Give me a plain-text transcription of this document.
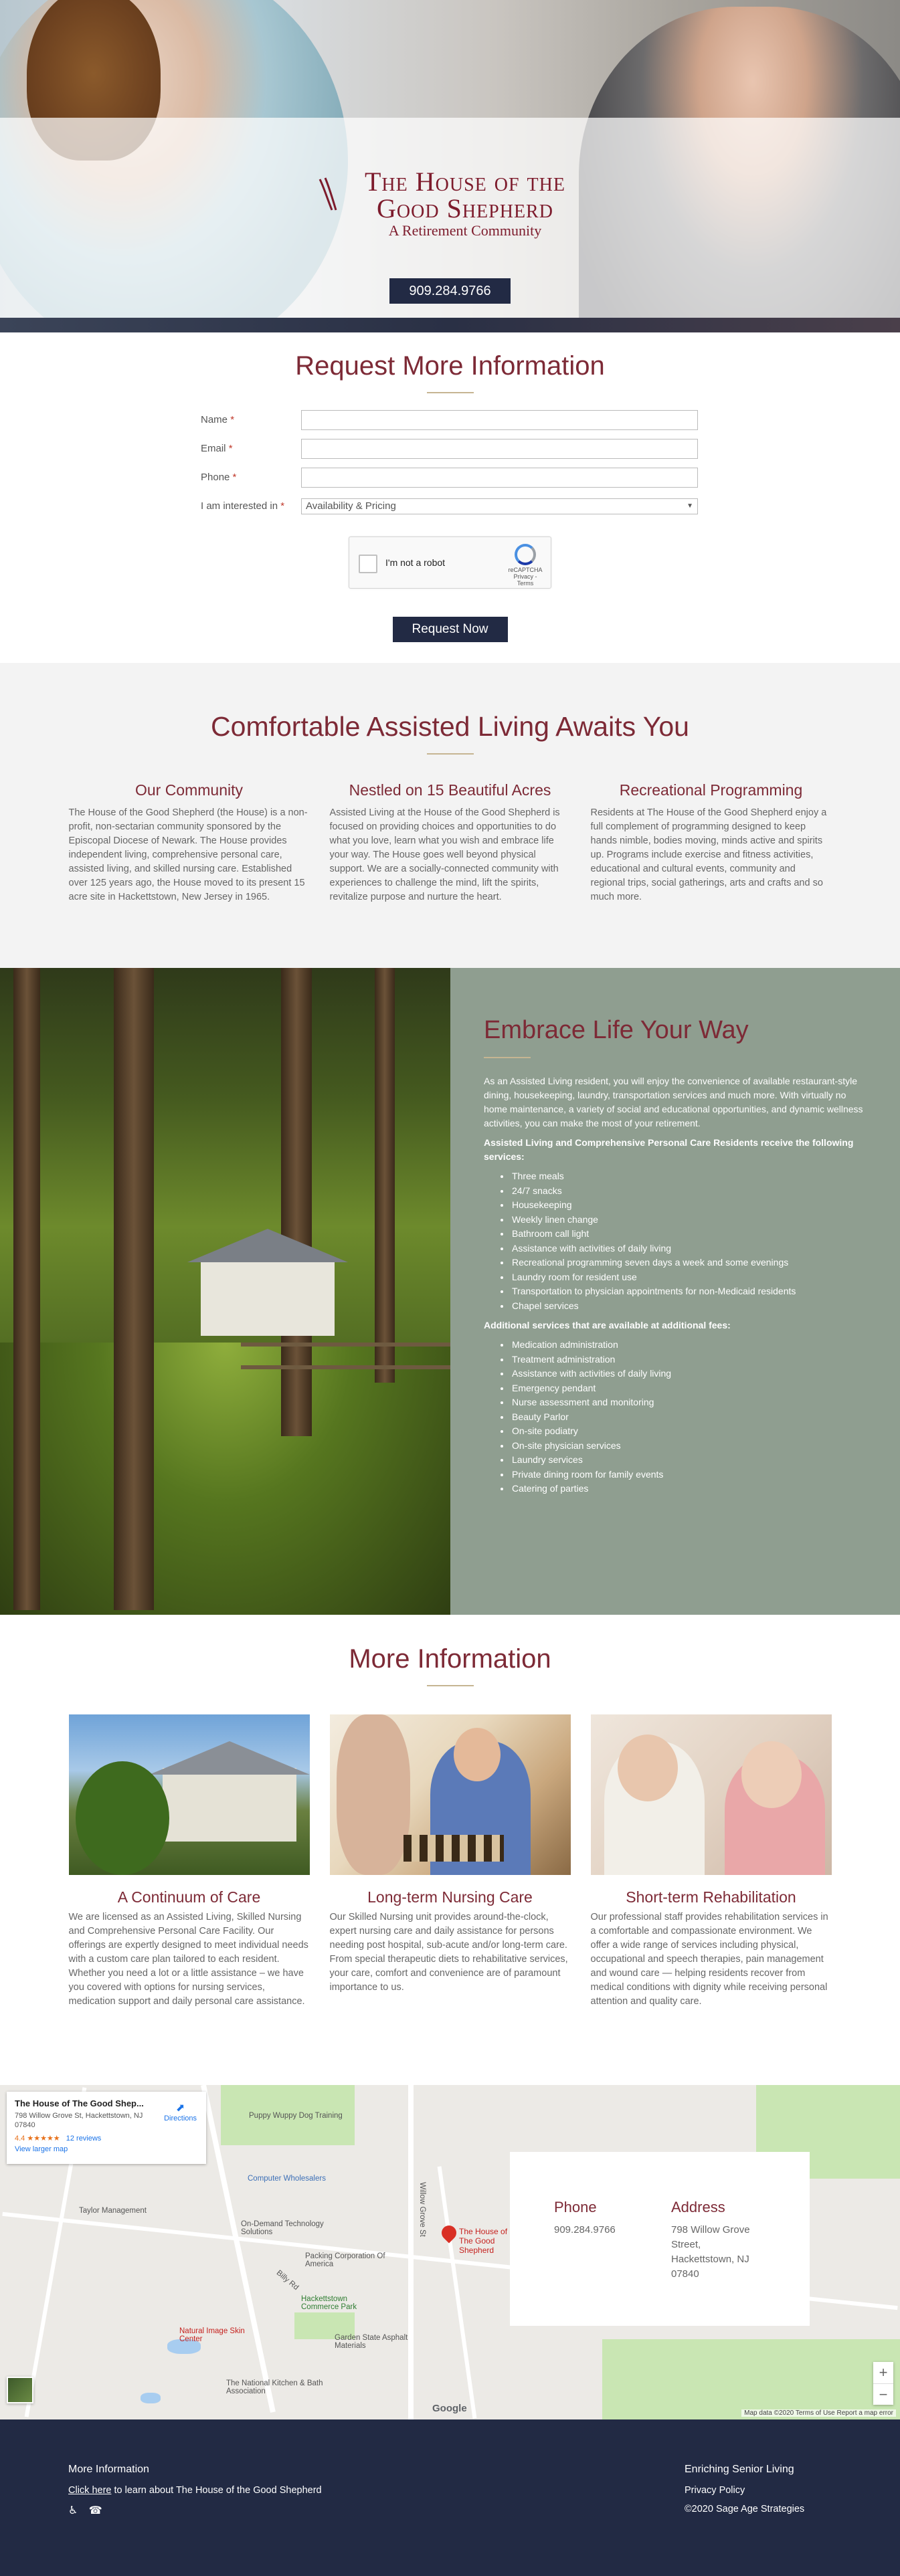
The House of the
Good Shepherd
A Retirement Community
909.284.9766
Request More Information
Name *
Email *
Phone *
I am interested in *	Availability & Pricing	▼
I'm not a robot
reCAPTCHA
Privacy - Terms
Request Now
Comfortable Assisted Living Awaits You
Our Community

The House of the Good Shepherd (the House) is a non-profit, non-sectarian community sponsored by the Episcopal Diocese of Newark. The House provides independent living, comprehensive personal care, assisted living, and skilled nursing care. Established over 125 years ago, the House moved to its present 15 acre site in Hackettstown, New Jersey in 1965.

Nestled on 15 Beautiful Acres

Assisted Living at the House of the Good Shepherd is focused on providing choices and opportunities to do what you love, learn what you wish and embrace life your way. The House goes well beyond physical support. We are a socially-connected community with experiences to challenge the mind, lift the spirits, revitalize purpose and nurture the heart.

Recreational Programming

Residents at The House of the Good Shepherd enjoy a full complement of programming designed to keep hands nimble, bodies moving, minds active and spirits up. Programs include exercise and fitness activities, educational and cultural events, community and regional trips, social gatherings, arts and crafts and so much more.

Embrace Life Your Way

As an Assisted Living resident, you will enjoy the convenience of available restaurant-style dining, housekeeping, laundry, transportation services and much more. With virtually no home maintenance, a variety of social and educational opportunities, and dynamic wellness activities, you can make the most of your retirement.

Assisted Living and Comprehensive Personal Care Residents receive the following services:

• Three meals
• 24/7 snacks
• Housekeeping
• Weekly linen change
• Bathroom call light
• Assistance with activities of daily living
• Recreational programming seven days a week and some evenings
• Laundry room for resident use
• Transportation to physician appointments for non-Medicaid residents
• Chapel services

Additional services that are available at additional fees:

• Medication administration
• Treatment administration
• Assistance with activities of daily living
• Emergency pendant
• Nurse assessment and monitoring
• Beauty Parlor
• On-site podiatry
• On-site physician services
• Laundry services
• Private dining room for family events
• Catering of parties
More Information
A Continuum of Care

We are licensed as an Assisted Living, Skilled Nursing and Comprehensive Personal Care Facility. Our offerings are expertly designed to meet individual needs with a custom care plan tailored to each resident. Whether you need a lot or a little assistance – we have you covered with options for nursing services, medication support and daily personal care assistance.

Long-term Nursing Care

Our Skilled Nursing unit provides around-the-clock, expert nursing care and daily assistance for persons needing post hospital, sub-acute and/or long-term care. From special therapeutic diets to rehabilitative services, your care, comfort and convenience are of paramount importance to us.

Short-term Rehabilitation

Our professional staff provides rehabilitation services in a comfortable and compassionate environment. We offer a wide range of services including physical, occupational and speech therapies, pain management and wound care — helping residents recover from medical conditions with dignity while receiving personal attention and quality care.

Puppy Wuppy Dog Training
Computer Wholesalers
Taylor Management
On-Demand Technology Solutions
Packing Corporation Of America
Hackettstown Commerce Park
Natural Image Skin Center	Garden State Asphalt Materials
The National Kitchen & Bath Association
Willow Grove St
Billy Rd
The House of The Good Shepherd
The House of The Good Shep...
798 Willow Grove St, Hackettstown, NJ 07840
4.4 ★★★★★ 12 reviews
View larger map
⬈
Directions
Phone
909.284.9766
Address
798 Willow Grove Street, Hackettstown, NJ 07840
Google
+
−
Map data ©2020 Terms of Use Report a map error
More Information
Click here to learn about The House of the Good Shepherd
♿ ☎
Enriching Senior Living
Privacy Policy
©2020 Sage Age Strategies
